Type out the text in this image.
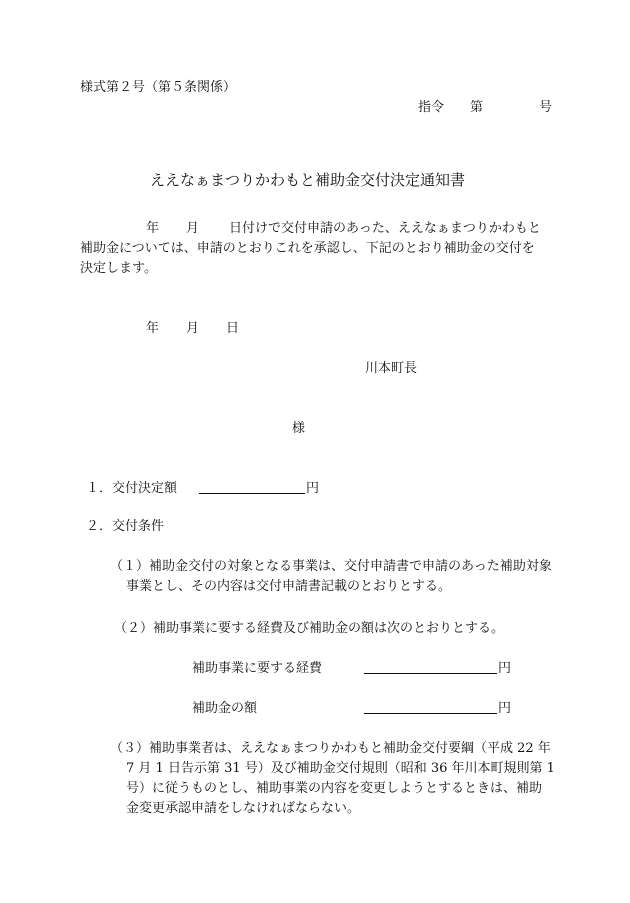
様式第２号（第５条関係）
指令 第	号
ええなぁまつりかわもと補助金交付決定通知書
年 月 日付けで交付申請のあった、ええなぁまつりかわもと
補助金については、申請のとおりこれを承認し、下記のとおり補助金の交付を
決定します。
年 月 日
川本町長
様
１．交付決定額	円
２．交付条件
（１）補助金交付の対象となる事業は、交付申請書で申請のあった補助対象
事業とし、その内容は交付申請書記載のとおりとする。
（２）補助事業に要する経費及び補助金の額は次のとおりとする。
補助事業に要する経費	円
補助金の額	円
（３）補助事業者は、ええなぁまつりかわもと補助金交付要綱（平成 22 年
7 月 1 日告示第 31 号）及び補助金交付規則（昭和 36 年川本町規則第 1
号）に従うものとし、補助事業の内容を変更しようとするときは、補助
金変更承認申請をしなければならない。
